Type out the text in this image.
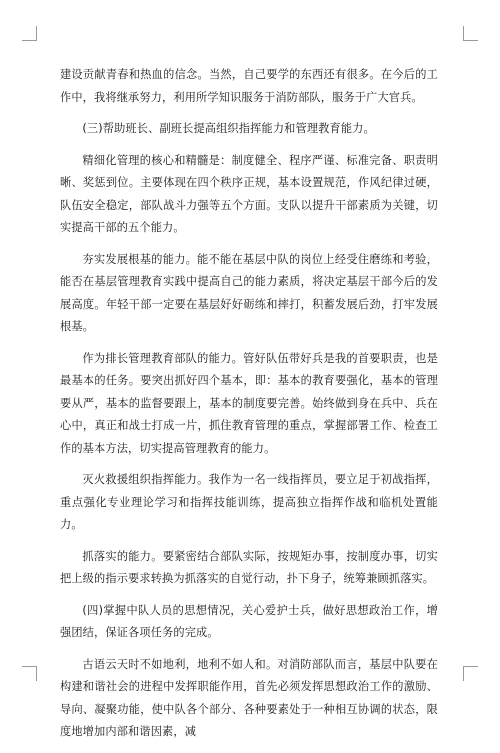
建设贡献青春和热血的信念。当然，自己要学的东西还有很多。在今后的工作中，我将继承努力，利用所学知识服务于消防部队，服务于广大官兵。

(三)帮助班长、副班长提高组织指挥能力和管理教育能力。

精细化管理的核心和精髓是：制度健全、程序严谨、标准完备、职责明晰、奖惩到位。主要体现在四个秩序正规，基本设置规范，作风纪律过硬，队伍安全稳定，部队战斗力强等五个方面。支队以提升干部素质为关键，切实提高干部的五个能力。

夯实发展根基的能力。能不能在基层中队的岗位上经受住磨练和考验，能否在基层管理教育实践中提高自己的能力素质，将决定基层干部今后的发展高度。年轻干部一定要在基层好好砺练和摔打，积蓄发展后劲，打牢发展根基。

作为排长管理教育部队的能力。管好队伍带好兵是我的首要职责，也是最基本的任务。要突出抓好四个基本，即：基本的教育要强化，基本的管理要从严，基本的监督要跟上，基本的制度要完善。始终做到身在兵中、兵在心中，真正和战士打成一片，抓住教育管理的重点，掌握部署工作、检查工作的基本方法，切实提高管理教育的能力。

灭火救援组织指挥能力。我作为一名一线指挥员，要立足于初战指挥，重点强化专业理论学习和指挥技能训练，提高独立指挥作战和临机处置能力。

抓落实的能力。要紧密结合部队实际，按规矩办事，按制度办事，切实把上级的指示要求转换为抓落实的自觉行动，扑下身子，统筹兼顾抓落实。

(四)掌握中队人员的思想情况，关心爱护士兵，做好思想政治工作，增强团结，保证各项任务的完成。

古语云天时不如地利，地利不如人和。对消防部队而言，基层中队要在构建和谐社会的进程中发挥职能作用，首先必须发挥思想政治工作的激励、导向、凝聚功能，使中队各个部分、各种要素处于一种相互协调的状态，限度地增加内部和谐因素，减
